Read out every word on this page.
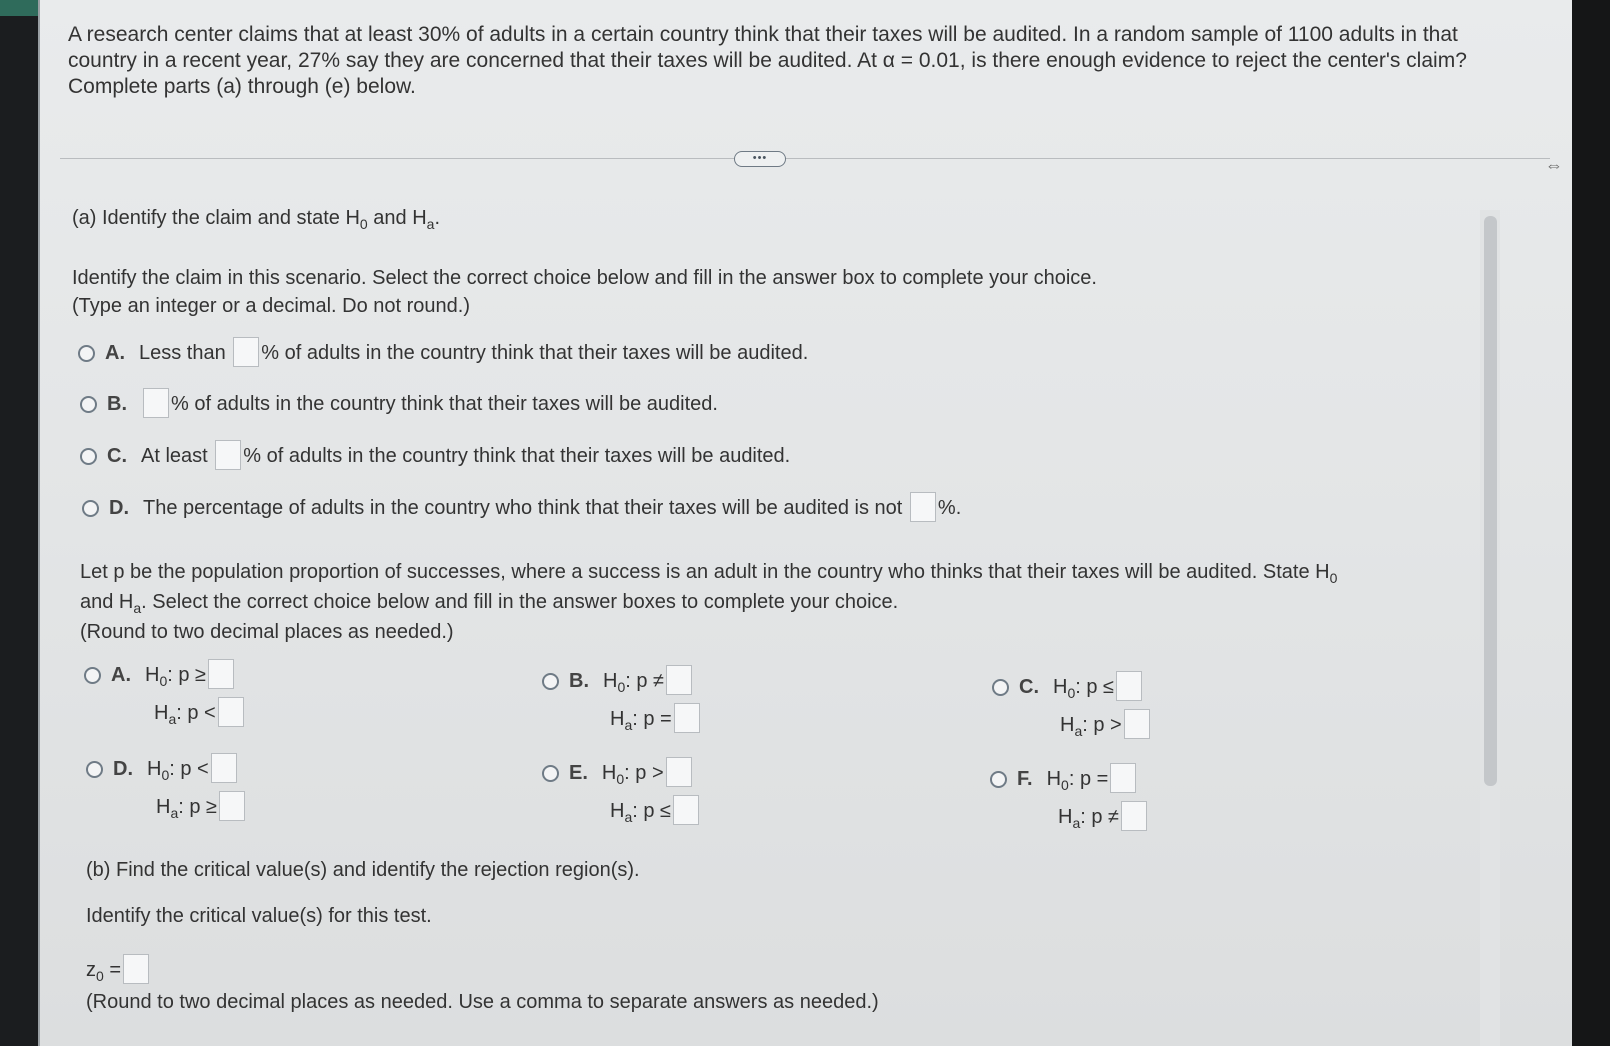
A research center claims that at least 30% of adults in a certain country think that their taxes will be audited. In a random sample of 1100 adults in that country in a recent year, 27% say they are concerned that their taxes will be audited. At α = 0.01, is there enough evidence to reject the center's claim? Complete parts (a) through (e) below.
•••	⇔
(a) Identify the claim and state $H_0$ and $H_a$.
Identify the claim in this scenario. Select the correct choice below and fill in the answer box to complete your choice.
(Type an integer or a decimal. Do not round.)
A. Less than % of adults in the country think that their taxes will be audited.
B. % of adults in the country think that their taxes will be audited.
C. At least % of adults in the country think that their taxes will be audited.
D. The percentage of adults in the country who think that their taxes will be audited is not %.
Let p be the population proportion of successes, where a success is an adult in the country who thinks that their taxes will be audited. State $H_0$
and $H_a$. Select the correct choice below and fill in the answer boxes to complete your choice.
(Round to two decimal places as needed.)
A. $H_0$: p ≥
$H_a$: p <
B. $H_0$: p ≠
$H_a$: p =
C. $H_0$: p ≤
$H_a$: p >
D. $H_0$: p <
$H_a$: p ≥
E. $H_0$: p >
$H_a$: p ≤
F. $H_0$: p =
$H_a$: p ≠
(b) Find the critical value(s) and identify the rejection region(s).
Identify the critical value(s) for this test.
$z_0$ =
(Round to two decimal places as needed. Use a comma to separate answers as needed.)
